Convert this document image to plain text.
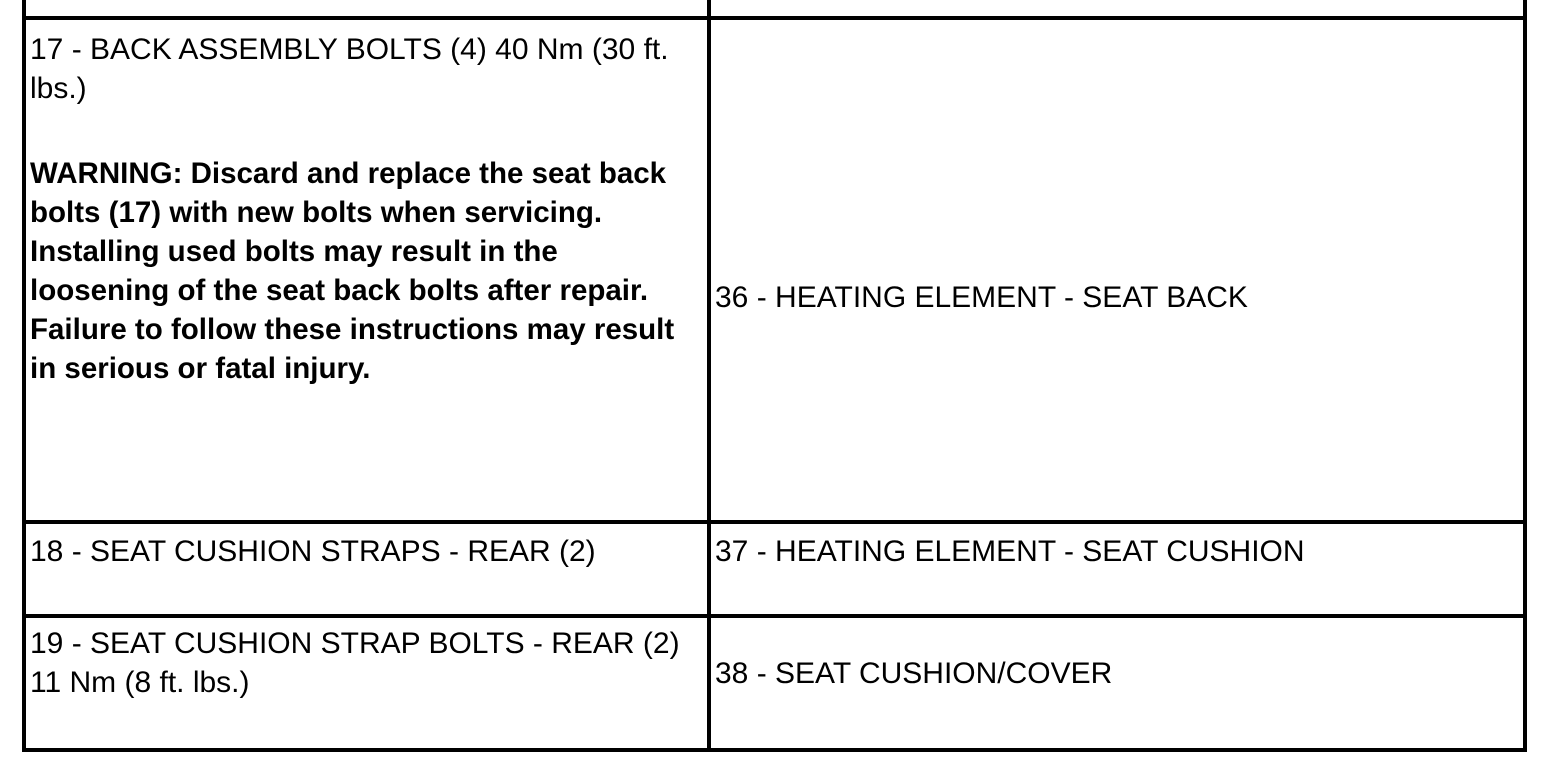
17 - BACK ASSEMBLY BOLTS (4) 40 Nm (30 ft. lbs.)
WARNING: Discard and replace the seat back bolts (17) with new bolts when servicing. Installing used bolts may result in the loosening of the seat back bolts after repair. Failure to follow these instructions may result in serious or fatal injury.	36 - HEATING ELEMENT - SEAT BACK

18 - SEAT CUSHION STRAPS - REAR (2)	37 - HEATING ELEMENT - SEAT CUSHION

19 - SEAT CUSHION STRAP BOLTS - REAR (2) 11 Nm (8 ft. lbs.)	38 - SEAT CUSHION/COVER
